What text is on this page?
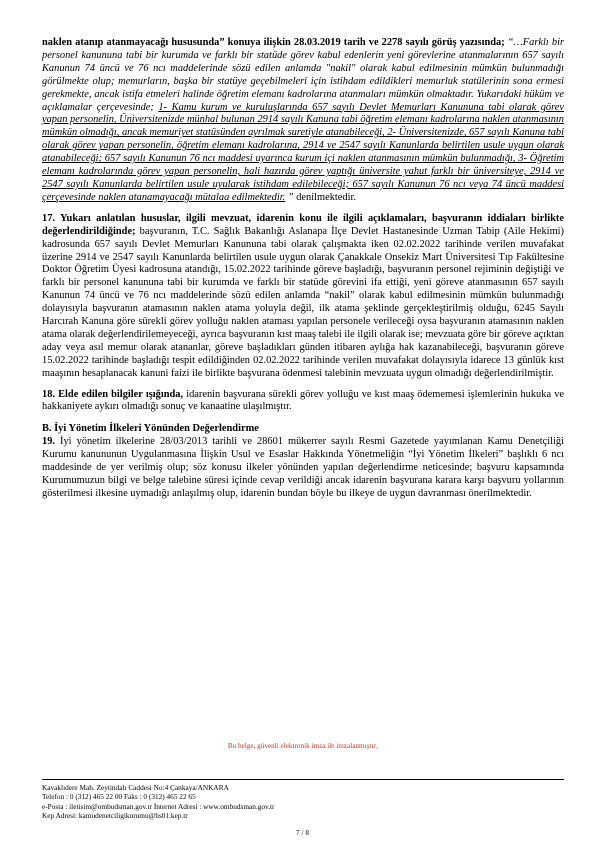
naklen atanıp atanmayacağı hususunda” konuya ilişkin 28.03.2019 tarih ve 2278 sayılı görüş yazısında; “…Farklı bir personel kanununa tabi bir kurumda ve farklı bir statüde görev kabul edenlerin yeni görevlerine atanmalarının 657 sayılı Kanunun 74 üncü ve 76 ncı maddelerinde sözü edilen anlamda "nakil" olarak kabul edilmesinin mümkün bulunmadığı görülmekte olup; memurların, başka bir statüye geçebilmeleri için istihdam edildikleri memurluk statülerinin sona ermesi gerekmekte, ancak istifa etmeleri halinde öğretim elemanı kadrolarına atanmaları mümkün olmaktadır. Yukarıdaki hüküm ve açıklamalar çerçevesinde; 1- Kamu kurum ve kuruluşlarında 657 sayılı Devlet Memurları Kanununa tabi olarak görev yapan personelin, Üniversitenizde münhal bulunan 2914 sayılı Kanuna tabi öğretim elemanı kadrolarına naklen atanmasının mümkün olmadığı, ancak memuriyet statüsünden ayrılmak suretiyle atanabileceği, 2- Üniversitenizde, 657 sayılı Kanuna tabi olarak görev yapan personelin, öğretim elemanı kadrolarına, 2914 ve 2547 sayılı Kanunlarda belirtilen usule uygun olarak atanabileceği; 657 sayılı Kanunun 76 ncı maddesi uyarınca kurum içi naklen atanmasının mümkün bulunmadığı, 3- Öğretim elemanı kadrolarında görev yapan personelin, hali hazırda görev yaptığı üniversite yahut farklı bir üniversiteye, 2914 ve 2547 sayılı Kanunlarda belirtilen usule uyularak istihdam edilebileceği; 657 sayılı Kanunun 76 ncı veya 74 üncü maddesi çerçevesinde naklen atanamayacağı mütalaa edilmektedir. ” denilmektedir.

17. Yukarı anlatılan hususlar, ilgili mevzuat, idarenin konu ile ilgili açıklamaları, başvuranın iddiaları birlikte değerlendirildiğinde; başvuranın, T.C. Sağlık Bakanlığı Aslanapa İlçe Devlet Hastanesinde Uzman Tabip (Aile Hekimi) kadrosunda 657 sayılı Devlet Memurları Kanununa tabi olarak çalışmakta iken 02.02.2022 tarihinde verilen muvafakat üzerine 2914 ve 2547 sayılı Kanunlarda belirtilen usule uygun olarak Çanakkale Onsekiz Mart Üniversitesi Tıp Fakültesine Doktor Öğretim Üyesi kadrosuna atandığı, 15.02.2022 tarihinde göreve başladığı, başvuranın personel rejiminin değiştiği ve farklı bir personel kanununa tabi bir kurumda ve farklı bir statüde görevini ifa ettiği, yeni göreve atanmasının 657 sayılı Kanunun 74 üncü ve 76 ncı maddelerinde sözü edilen anlamda “nakil” olarak kabul edilmesinin mümkün bulunmadığı dolayısıyla başvuranın atamasının naklen atama yoluyla değil, ilk atama şeklinde gerçekleştirilmiş olduğu, 6245 Sayılı Harcırah Kanuna göre sürekli görev yolluğu naklen ataması yapılan personele verileceği oysa başvuranın atamasının naklen atama olarak değerlendirilemeyeceği, ayrıca başvuranın kıst maaş talebi ile ilgili olarak ise; mevzuata göre bir göreve açıktan aday veya asıl memur olarak atananlar, göreve başladıkları günden itibaren aylığa hak kazanabileceği, başvuranın göreve 15.02.2022 tarihinde başladığı tespit edildiğinden 02.02.2022 tarihinde verilen muvafakat dolayısıyla idarece 13 günlük kıst maaşının hesaplanacak kanuni faizi ile birlikte başvurana ödenmesi talebinin mevzuata uygun olmadığı değerlendirilmiştir.

18. Elde edilen bilgiler ışığında, idarenin başvurana sürekli görev yolluğu ve kıst maaş ödememesi işlemlerinin hukuka ve hakkaniyete aykırı olmadığı sonuç ve kanaatine ulaşılmıştır.

B. İyi Yönetim İlkeleri Yönünden Değerlendirme

19. İyi yönetim ilkelerine 28/03/2013 tarihli ve 28601 mükerrer sayılı Resmi Gazetede yayımlanan Kamu Denetçiliği Kurumu kanununun Uygulanmasına İlişkin Usul ve Esaslar Hakkında Yönetmeliğin “İyi Yönetim İlkeleri” başlıklı 6 ncı maddesinde de yer verilmiş olup; söz konusu ilkeler yönünden yapılan değerlendirme neticesinde; başvuru kapsamında Kurumumuzun bilgi ve belge talebine süresi içinde cevap verildiği ancak idarenin başvurana karara karşı başvuru yollarının gösterilmesi ilkesine uymadığı anlaşılmış olup, idarenin bundan böyle bu ilkeye de uygun davranması önerilmektedir.

Bu belge, güvenli elektronik imza ile imzalanmıştır.
Kavaklıdere Mah. Zeytindalı Caddesi No:4 Çankaya/ANKARA
Telefon : 0 (312) 465 22 00 Faks : 0 (312) 465 22 65
e-Posta : iletisim@ombudsman.gov.tr İnternet Adresi : www.ombudsman.gov.tr
Kep Adresi: kamudenetciligikurumu@hs01.kep.tr
7 / 8
